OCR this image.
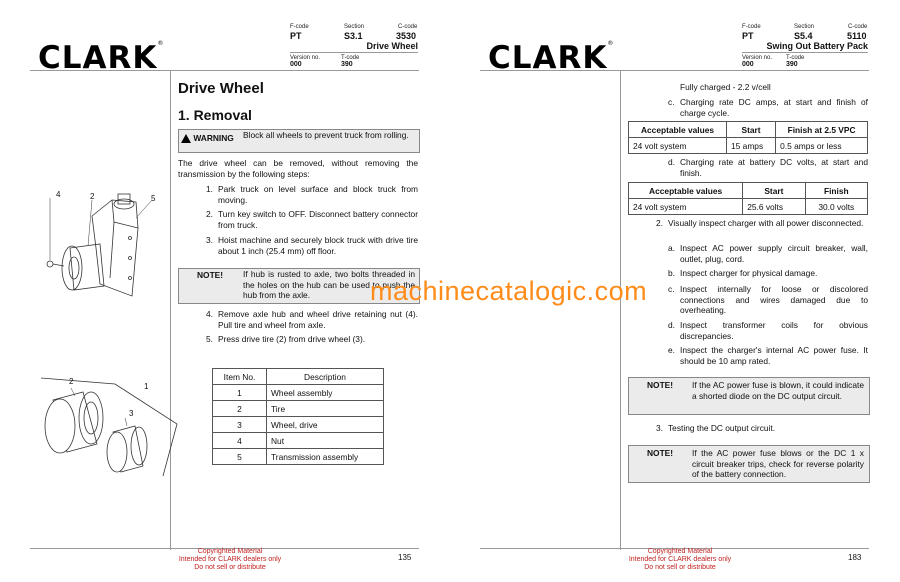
CLARK®
F-code	Section	C-code
PT	S3.1	3530
Drive Wheel
Version no.	T-code
000	390
Drive Wheel
1. Removal
WARNING Block all wheels to prevent truck from rolling.
The drive wheel can be removed, without removing the transmission by the following steps:
1. Park truck on level surface and block truck from moving.
2. Turn key switch to OFF. Disconnect battery connector from truck.
3. Hoist machine and securely block truck with drive tire about 1 inch (25.4 mm) off floor.
NOTE! If hub is rusted to axle, two bolts threaded in the holes on the hub can be used to push the hub from the axle.
4. Remove axle hub and wheel drive retaining nut (4). Pull tire and wheel from axle.
5. Press drive tire (2) from drive wheel (3).
4	2	5
2
1
3
Item No.	Description
1	Wheel assembly
2	Tire
3	Wheel, drive
4	Nut
5	Transmission assembly
Copyrighted Material
Intended for CLARK dealers only
Do not sell or distribute
135
CLARK®
F-code	Section	C-code
PT	S5.4	5110
Swing Out Battery Pack
Version no. T-code
000	390
Fully charged - 2.2 v/cell
c. Charging rate DC amps, at start and finish of charge cycle.
Acceptable values	Start	Finish at 2.5 VPC
24 volt system	15 amps	0.5 amps or less
d. Charging rate at battery DC volts, at start and finish.
Acceptable values	Start	Finish
24 volt system	25.6 volts	30.0 volts
2. Visually inspect charger with all power disconnected.
a. Inspect AC power supply circuit breaker, wall, outlet, plug, cord.
b. Inspect charger for physical damage.
c. Inspect internally for loose or discolored connections and wires damaged due to overheating.
d. Inspect transformer coils for obvious discrepancies.
e. Inspect the charger's internal AC power fuse. It should be 10 amp rated.
NOTE! If the AC power fuse is blown, it could indicate a shorted diode on the DC output circuit.
3. Testing the DC output circuit.
NOTE! If the AC power fuse blows or the DC 1 x circuit breaker trips, check for reverse polarity of the battery connection.
Copyrighted Material
Intended for CLARK dealers only
Do not sell or distribute
183
machinecatalogic.com
